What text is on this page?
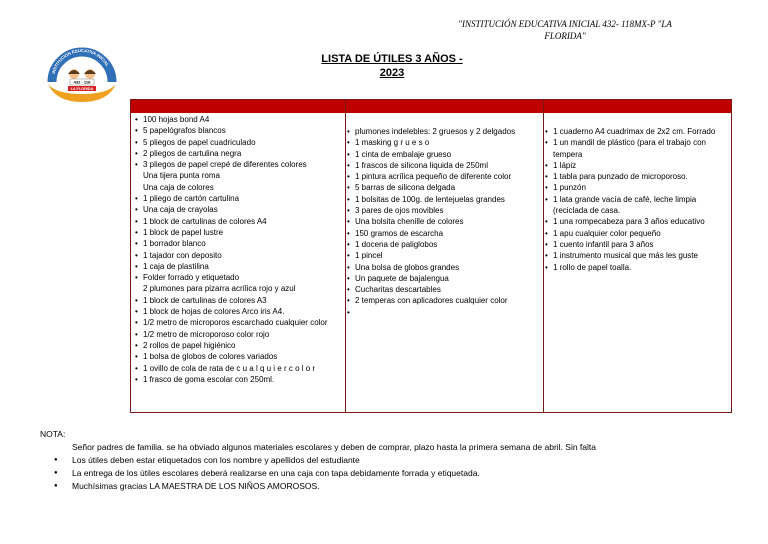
INSTITUCION EDUCATIVA INICIAL
432 - 118
LA FLORIDA
"INSTITUCIÓN EDUCATIVA INICIAL 432- 118MX-P "LA FLORIDA"
LISTA DE ÚTILES 3 AÑOS -
2023
• 100 hojas bond A4
• 5 papelógrafos blancos
• 5 pliegos de papel cuadriculado
• 2 pliegos de cartulina negra
• 3 pliegos de papel crepé de diferentes colores
Una tijera punta roma
Una caja de colores
• 1 pliego de cartón cartulina
• Una caja de crayolas
• 1 block de cartulinas de colores A4
• 1 block de papel lustre
• 1 borrador blanco
• 1 tajador con deposito
• 1 caja de plastilina
• Folder forrado y etiquetado
2 plumones para pizarra acrílica rojo y azul
• 1 block de cartulinas de colores A3
• 1 block de hojas de colores Arco iris A4.
• 1/2 metro de microporos escarchado cualquier color
• 1/2 metro de microporoso color rojo
• 2 rollos de papel higiénico
• 1 bolsa de globos de colores variados
• 1 ovillo de cola de rata de c u a l q u i e r c o l o r
• 1 frasco de goma escolar con 250ml.
• plumones indelebles: 2 gruesos y 2 delgados
• 1 masking g r u e s o
• 1 cinta de embalaje grueso
• 1 frascos de silicona liquida de 250ml
• 1 pintura acrílica pequeño de diferente color
• 5 barras de silicona delgada
• 1 bolsitas de 100g. de lentejuelas grandes
• 3 pares de ojos movibles
• Una bolsita chenille de colores
• 150 gramos de escarcha
• 1 docena de paliglobos
• 1 pincel
• Una bolsa de globos grandes
• Un paquete de bajalengua
• Cucharitas descartables
• 2 temperas con aplicadores cualquier color
• 1 cuaderno A4 cuadrimax de 2x2 cm. Forrado
• 1 un mandil de plástico (para el trabajo con tempera
• 1 lápiz
• 1 tabla para punzado de microporoso.
• 1 punzón
• 1 lata grande vacía de café, leche limpia (reciclada de casa.
• 1 una rompecabeza para 3 años educativo
• 1 apu cualquier color pequeño
• 1 cuento infantil para 3 años
• 1 instrumento musical que más les guste
• 1 rollo de papel toalla.
NOTA:
Señor padres de familia. se ha obviado algunos materiales escolares y deben de comprar, plazo hasta la primera semana de abril. Sin falta
● Los útiles deben estar etiquetados con los nombre y apellidos del estudiante
● La entrega de los útiles escolares deberá realizarse en una caja con tapa debidamente forrada y etiquetada.
● Muchísimas gracias LA MAESTRA DE LOS NIÑOS AMOROSOS.
